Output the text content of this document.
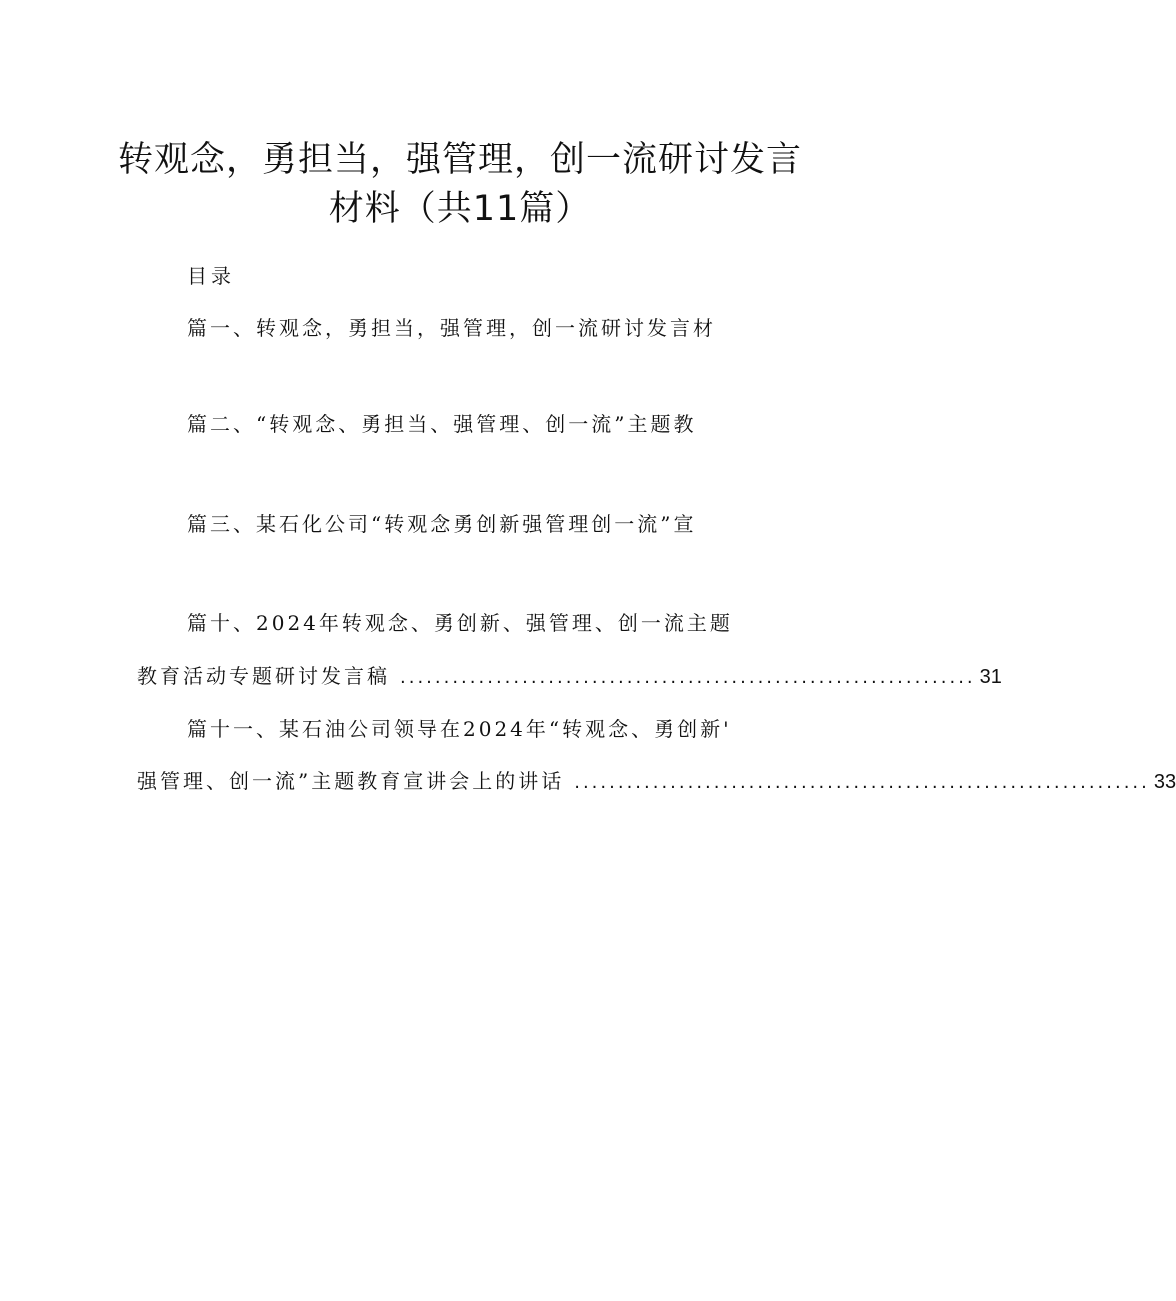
转观念，勇担当，强管理，创一流研讨发言
材料（共11篇）
目录
篇一、转观念，勇担当，强管理，创一流研讨发言材
篇二、“转观念、勇担当、强管理、创一流”主题教
篇三、某石化公司“转观念勇创新强管理创一流”宣
篇十、2024年转观念、勇创新、强管理、创一流主题
教育活动专题研讨发言稿 .................................................................. 31
篇十一、某石油公司领导在2024年“转观念、勇创新'
强管理、创一流”主题教育宣讲会上的讲话 .................................................................. 33
